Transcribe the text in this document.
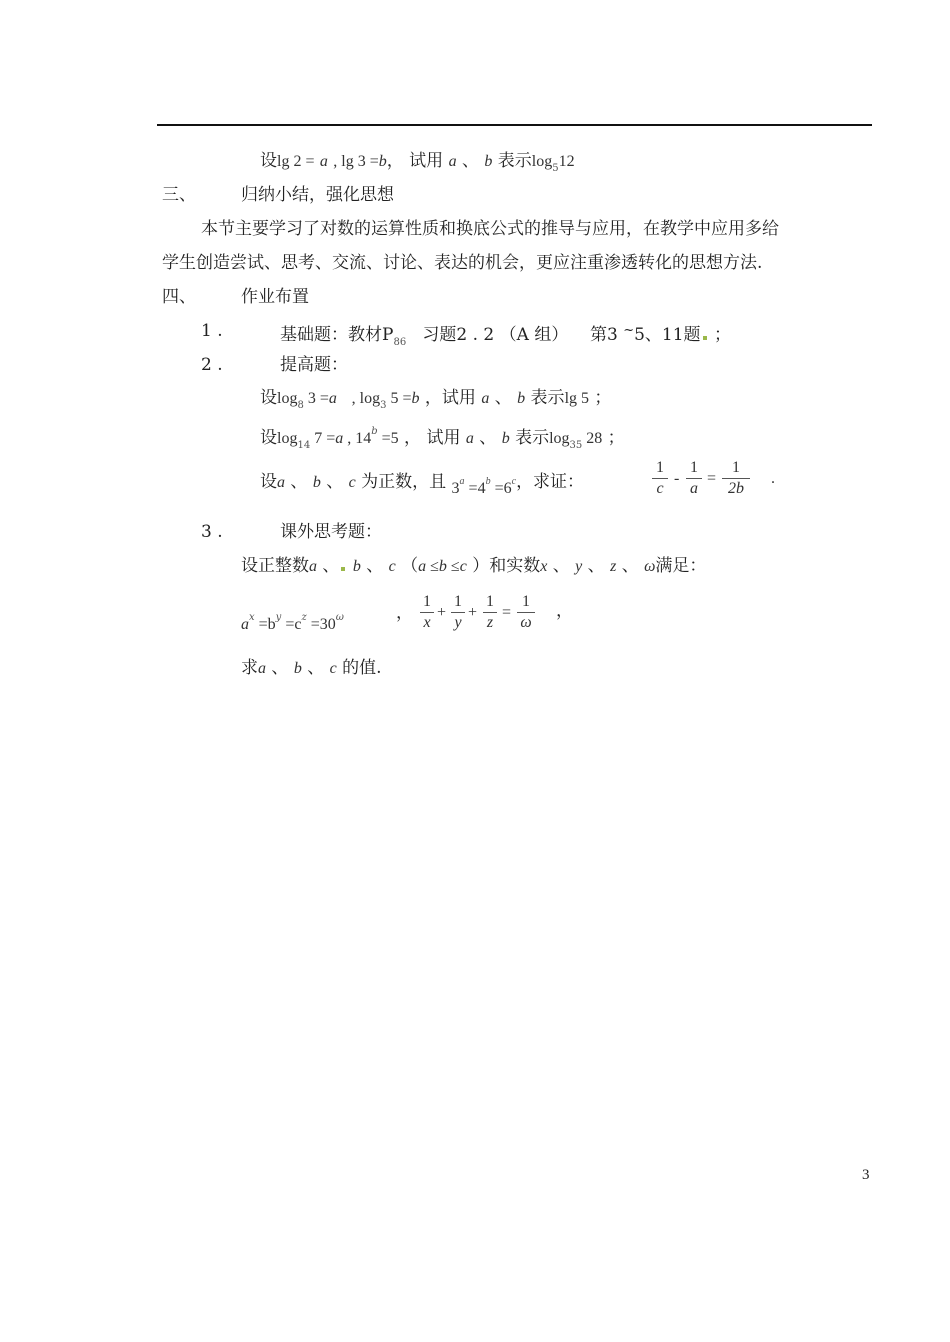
设lg 2 = a , lg 3 =b， 试用 a 、 b 表示$\log_512$
三、	归纳小结，强化思想
本节主要学习了对数的运算性质和换底公式的推导与应用，在教学中应用多给
学生创造尝试、思考、交流、讨论、表达的机会，更应注重渗透转化的思想方法.
四、	作业布置
1 .	基础题：教材$P_{86}$ 习题2 . 2 （A 组） 第3 ~5、11题 ；
2 .	提高题：
设$\log_8 3 =a$   , $\log_3 5 =b$ ，试用 a 、 b 表示lg 5 ；
设$\log_{14} 7 =a$ , $14^b =5$ ， 试用 a 、 b 表示$\log_{35} 28$ ；
设a 、 b 、 c 为正数，且 $3^a =4^b =6^c$，求证：
1
c
-
1
a
=
1
2b
.
3 .	课外思考题：
设正整数a 、 b 、 c （a ≤b ≤c ）和实数x 、 y 、 z 、 ω满足：
$a^x =b^y =c^z =30^\omega$	，
1
x
+
1
y
+
1
z
=
1
ω
，
求a 、 b 、 c 的值.
3
